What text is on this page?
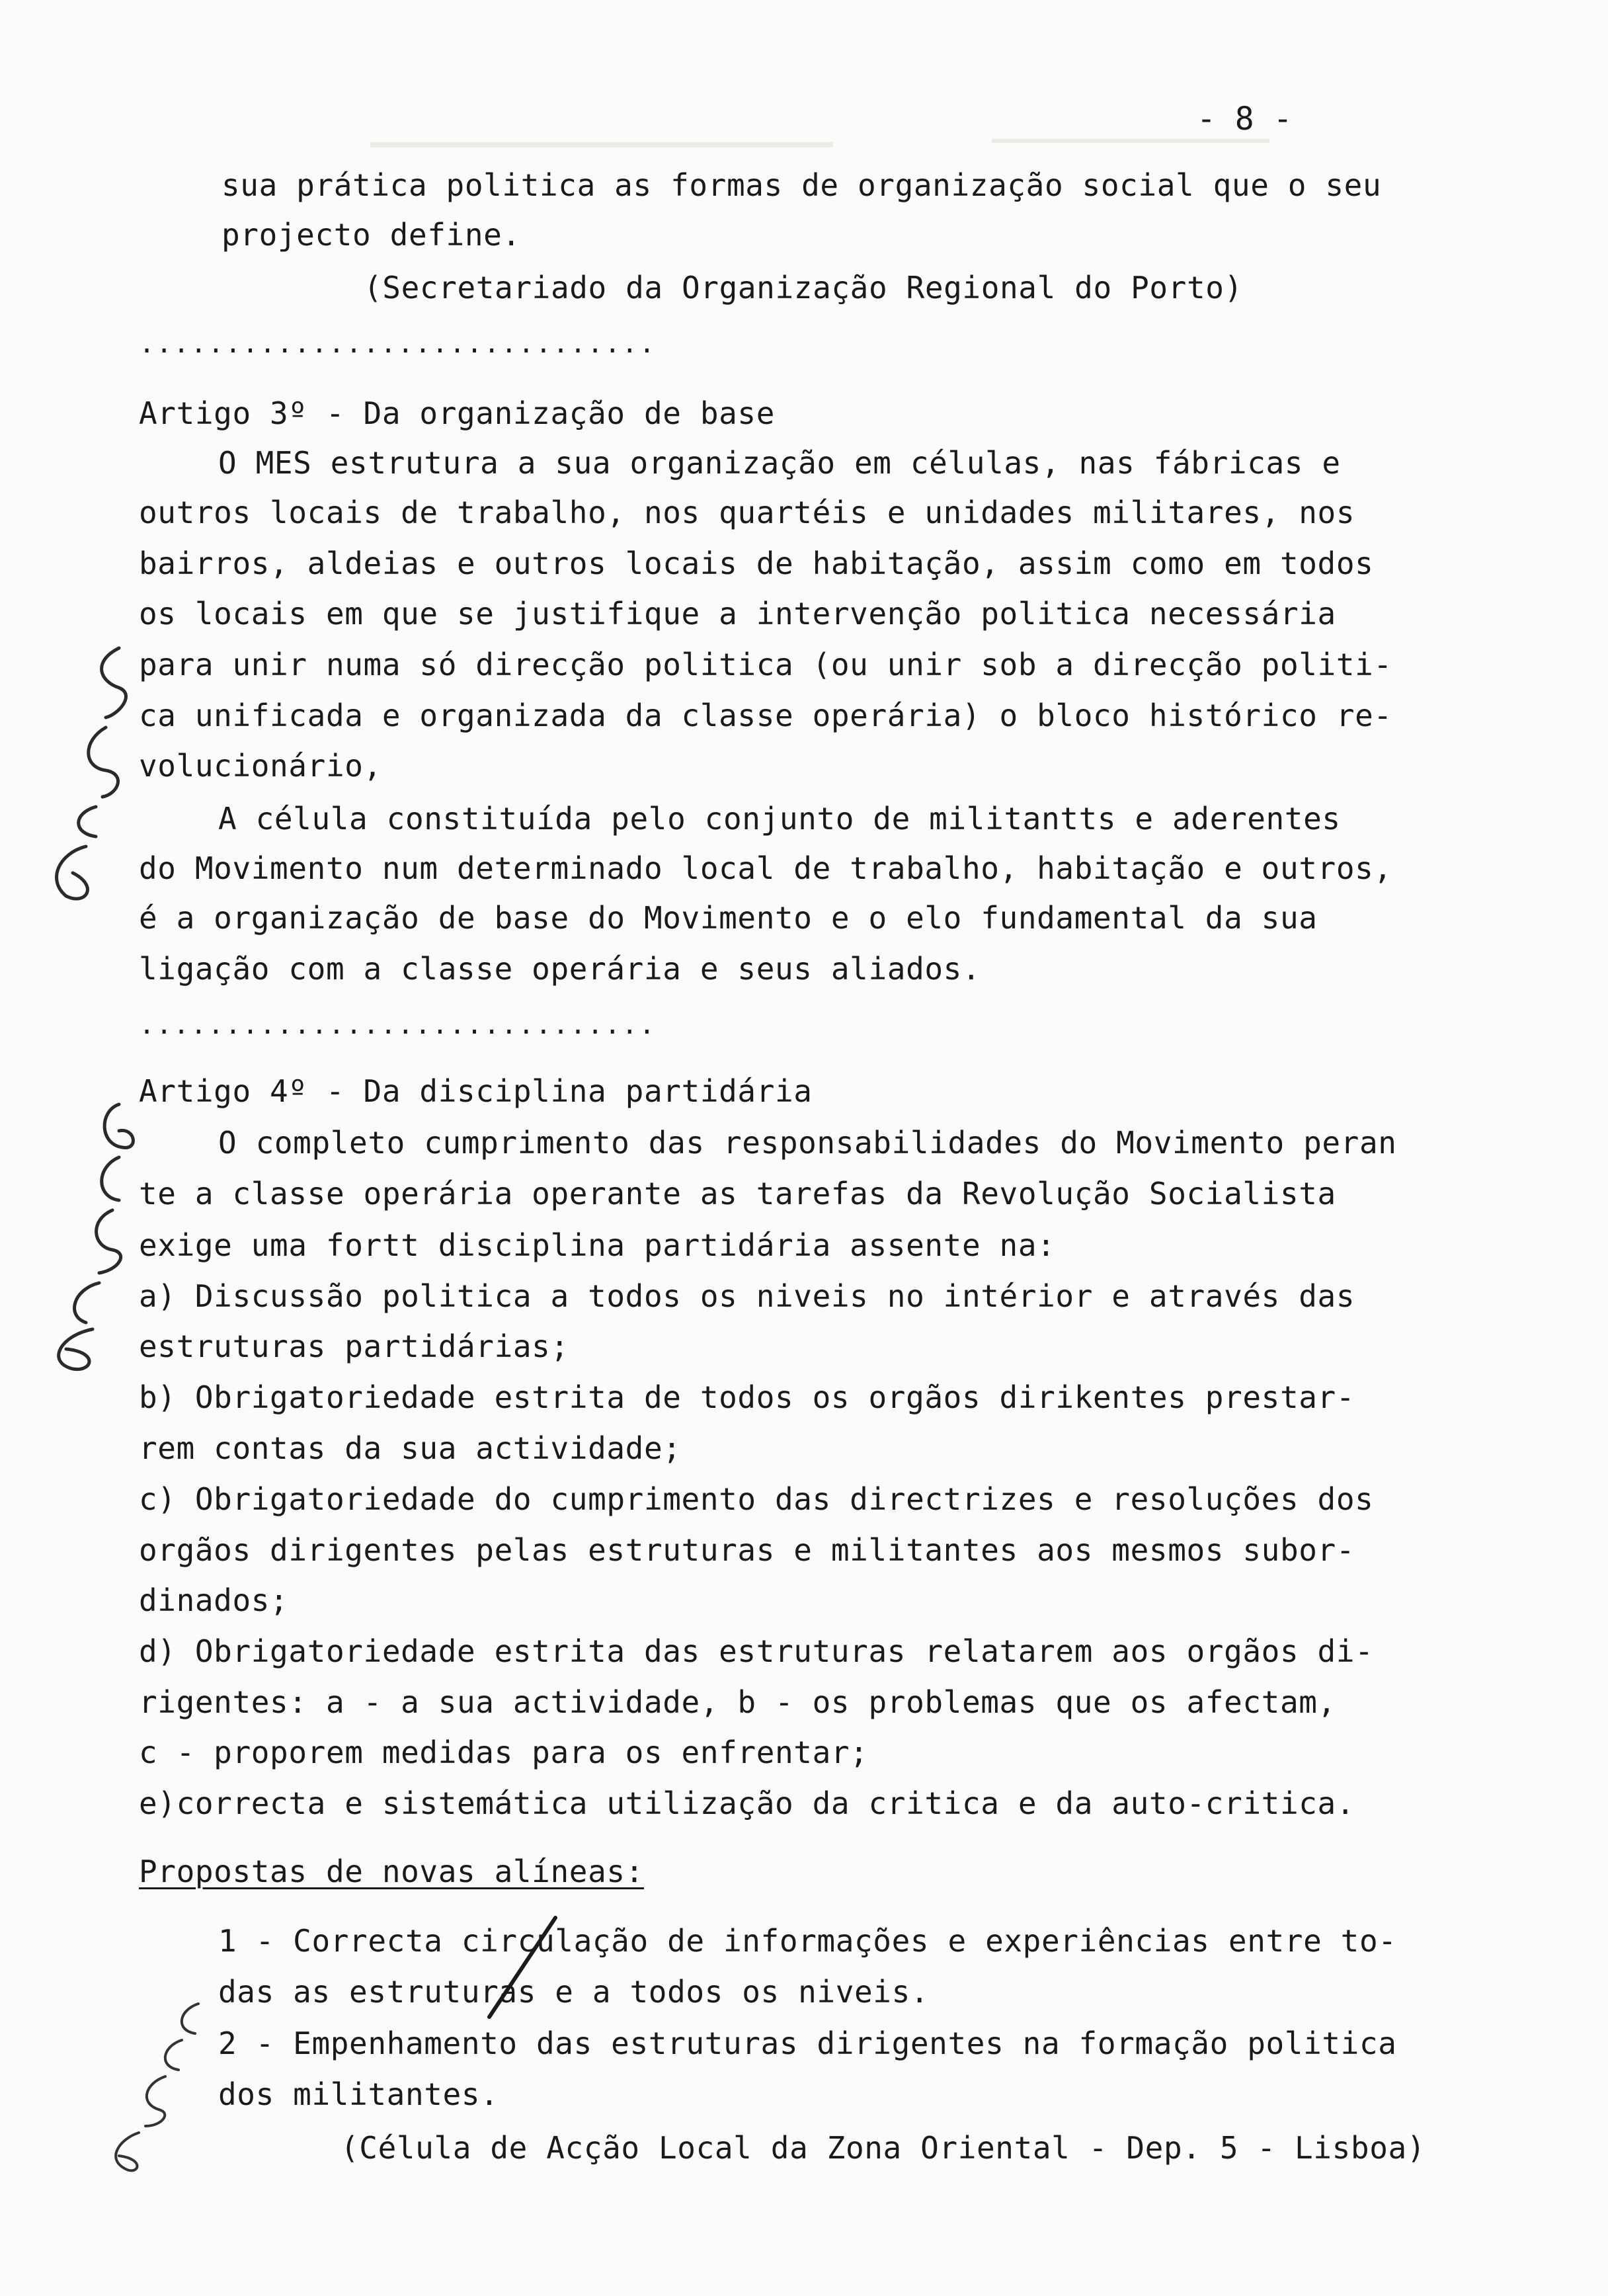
- 8 -
sua prática politica as formas de organização social que o seu
projecto define.
(Secretariado da Organização Regional do Porto)
..............................
Artigo 3º - Da organização de base
O MES estrutura a sua organização em células, nas fábricas e
outros locais de trabalho, nos quartéis e unidades militares, nos
bairros, aldeias e outros locais de habitação, assim como em todos
os locais em que se justifique a intervenção politica necessária
para unir numa só direcção politica (ou unir sob a direcção politi-
ca unificada e organizada da classe operária) o bloco histórico re-
volucionário,
A célula constituída pelo conjunto de militantts e aderentes
do Movimento num determinado local de trabalho, habitação e outros,
é a organização de base do Movimento e o elo fundamental da sua
ligação com a classe operária e seus aliados.
..............................
Artigo 4º - Da disciplina partidária
O completo cumprimento das responsabilidades do Movimento peran
te a classe operária operante as tarefas da Revolução Socialista
exige uma fortt disciplina partidária assente na:
a) Discussão politica a todos os niveis no intérior e através das
estruturas partidárias;
b) Obrigatoriedade estrita de todos os orgãos dirikentes prestar-
rem contas da sua actividade;
c) Obrigatoriedade do cumprimento das directrizes e resoluções dos
orgãos dirigentes pelas estruturas e militantes aos mesmos subor-
dinados;
d) Obrigatoriedade estrita das estruturas relatarem aos orgãos di-
rigentes: a - a sua actividade, b - os problemas que os afectam,
c - proporem medidas para os enfrentar;
e)correcta e sistemática utilização da critica e da auto-critica.
Propostas de novas alíneas:
1 - Correcta circulação de informações e experiências entre to-
das as estruturas e a todos os niveis.
2 - Empenhamento das estruturas dirigentes na formação politica
dos militantes.
(Célula de Acção Local da Zona Oriental - Dep. 5 - Lisboa)
